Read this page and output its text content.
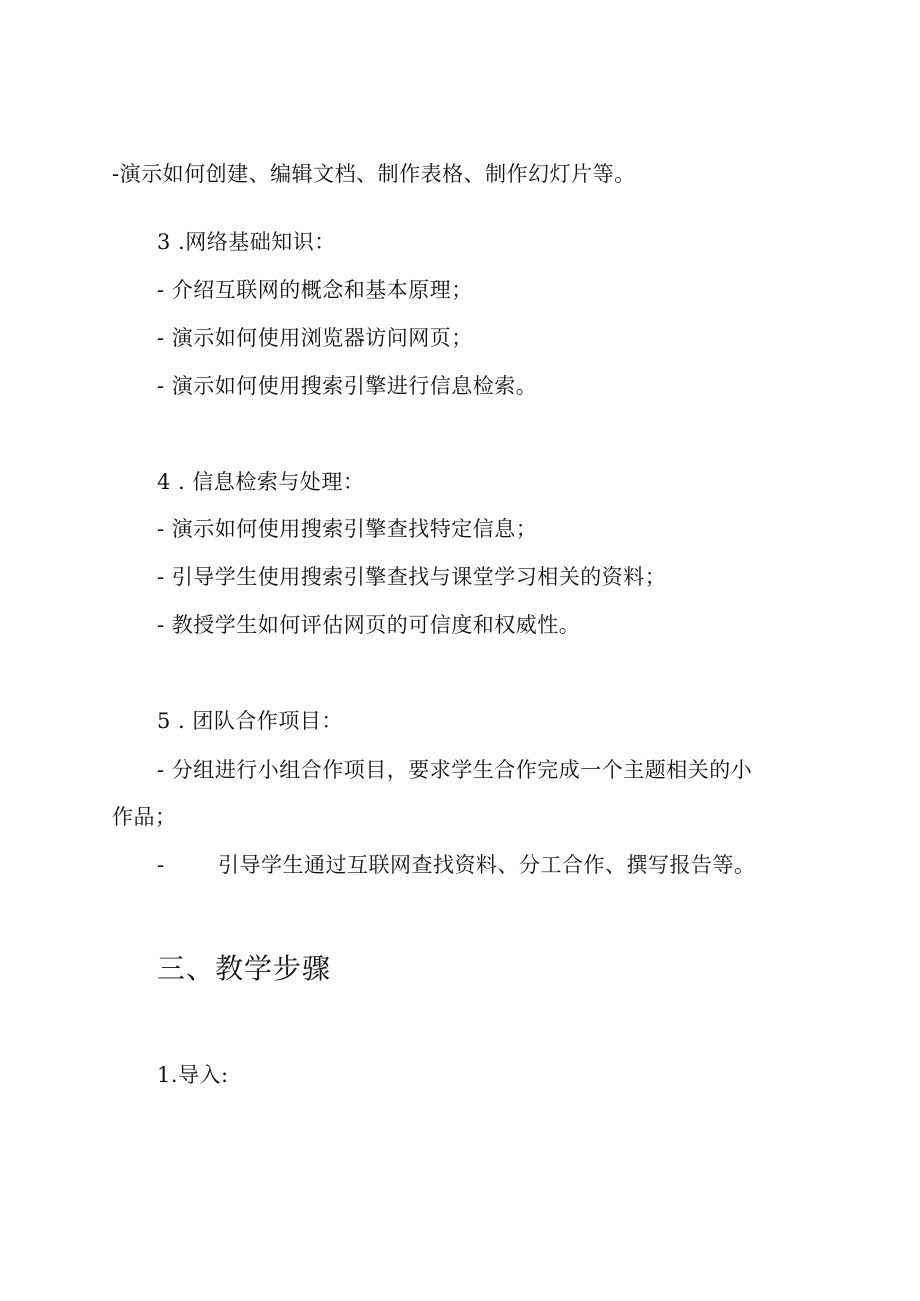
-演示如何创建、编辑文档、制作表格、制作幻灯片等。
3 .网络基础知识：
- 介绍互联网的概念和基本原理；
- 演示如何使用浏览器访问网页；
- 演示如何使用搜索引擎进行信息检索。
4 . 信息检索与处理：
- 演示如何使用搜索引擎查找特定信息；
- 引导学生使用搜索引擎查找与课堂学习相关的资料；
- 教授学生如何评估网页的可信度和权威性。
5 . 团队合作项目：
- 分组进行小组合作项目，要求学生合作完成一个主题相关的小
作品；
-	引导学生通过互联网查找资料、分工合作、撰写报告等。
三、教学步骤
1.导入:
